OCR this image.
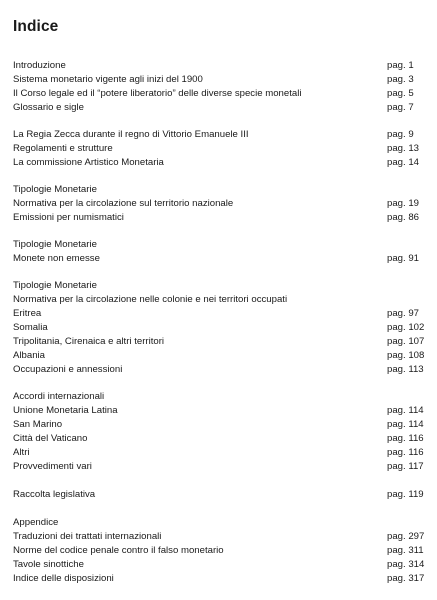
Indice
Introduzione	pag. 1
Sistema monetario vigente agli inizi del 1900	pag. 3
Il Corso legale ed il “potere liberatorio” delle diverse specie monetali	pag. 5
Glossario e sigle	pag. 7
La Regia Zecca durante il regno di Vittorio Emanuele III	pag. 9
Regolamenti e strutture	pag. 13
La commissione Artistico Monetaria	pag. 14
Tipologie Monetarie
Normativa per la circolazione sul territorio nazionale	pag. 19
Emissioni per numismatici	pag. 86
Tipologie Monetarie
Monete non emesse	pag. 91
Tipologie Monetarie
Normativa per la circolazione nelle colonie e nei territori occupati
Eritrea	pag. 97
Somalia	pag. 102
Tripolitania, Cirenaica e altri territori	pag. 107
Albania	pag. 108
Occupazioni e annessioni	pag. 113
Accordi internazionali
Unione Monetaria Latina	pag. 114
San Marino	pag. 114
Città del Vaticano	pag. 116
Altri	pag. 116
Provvedimenti vari	pag. 117
Raccolta legislativa	pag. 119
Appendice
Traduzioni dei trattati internazionali	pag. 297
Norme del codice penale contro il falso monetario	pag. 311
Tavole sinottiche	pag. 314
Indice delle disposizioni	pag. 317
